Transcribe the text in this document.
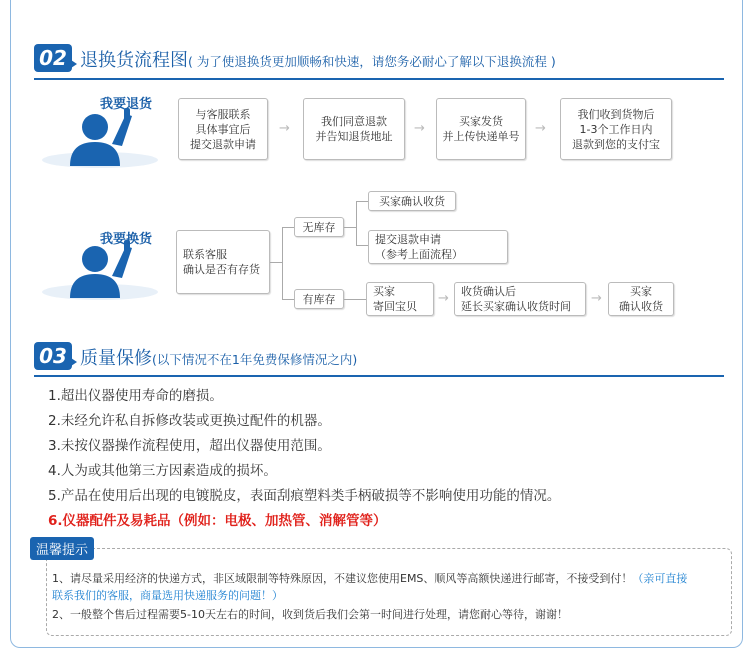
02 退换货流程图( 为了使退换货更加顺畅和快速，请您务必耐心了解以下退换流程 )
我要退货
与客服联系
具体事宜后
提交退款申请
→	我们同意退款
并告知退货地址
→	买家发货
并上传快递单号
→
我们收到货物后
1-3个工作日内
退款到您的支付宝
我要换货
联系客服
确认是否有存货
无库存
买家确认收货
提交退款申请
（参考上面流程）
有库存
买家
寄回宝贝
→ 收货确认后
延长买家确认收货时间
→	买家
确认收货
03 质量保修(以下情况不在1年免费保修情况之内)
1.超出仪器使用寿命的磨损。
2.未经允许私自拆修改装或更换过配件的机器。
3.未按仪器操作流程使用，超出仪器使用范围。
4.人为或其他第三方因素造成的损坏。
5.产品在使用后出现的电镀脱皮，表面刮痕塑料类手柄破损等不影响使用功能的情况。
6.仪器配件及易耗品（例如：电极、加热管、消解管等）
温馨提示
1、请尽量采用经济的快递方式，非区域限制等特殊原因，不建议您使用EMS、顺风等高额快递进行邮寄，不接受到付！（亲可直接
联系我们的客服，商量选用快递服务的问题！）
2、一般整个售后过程需要5-10天左右的时间，收到货后我们会第一时间进行处理，请您耐心等待，谢谢！
